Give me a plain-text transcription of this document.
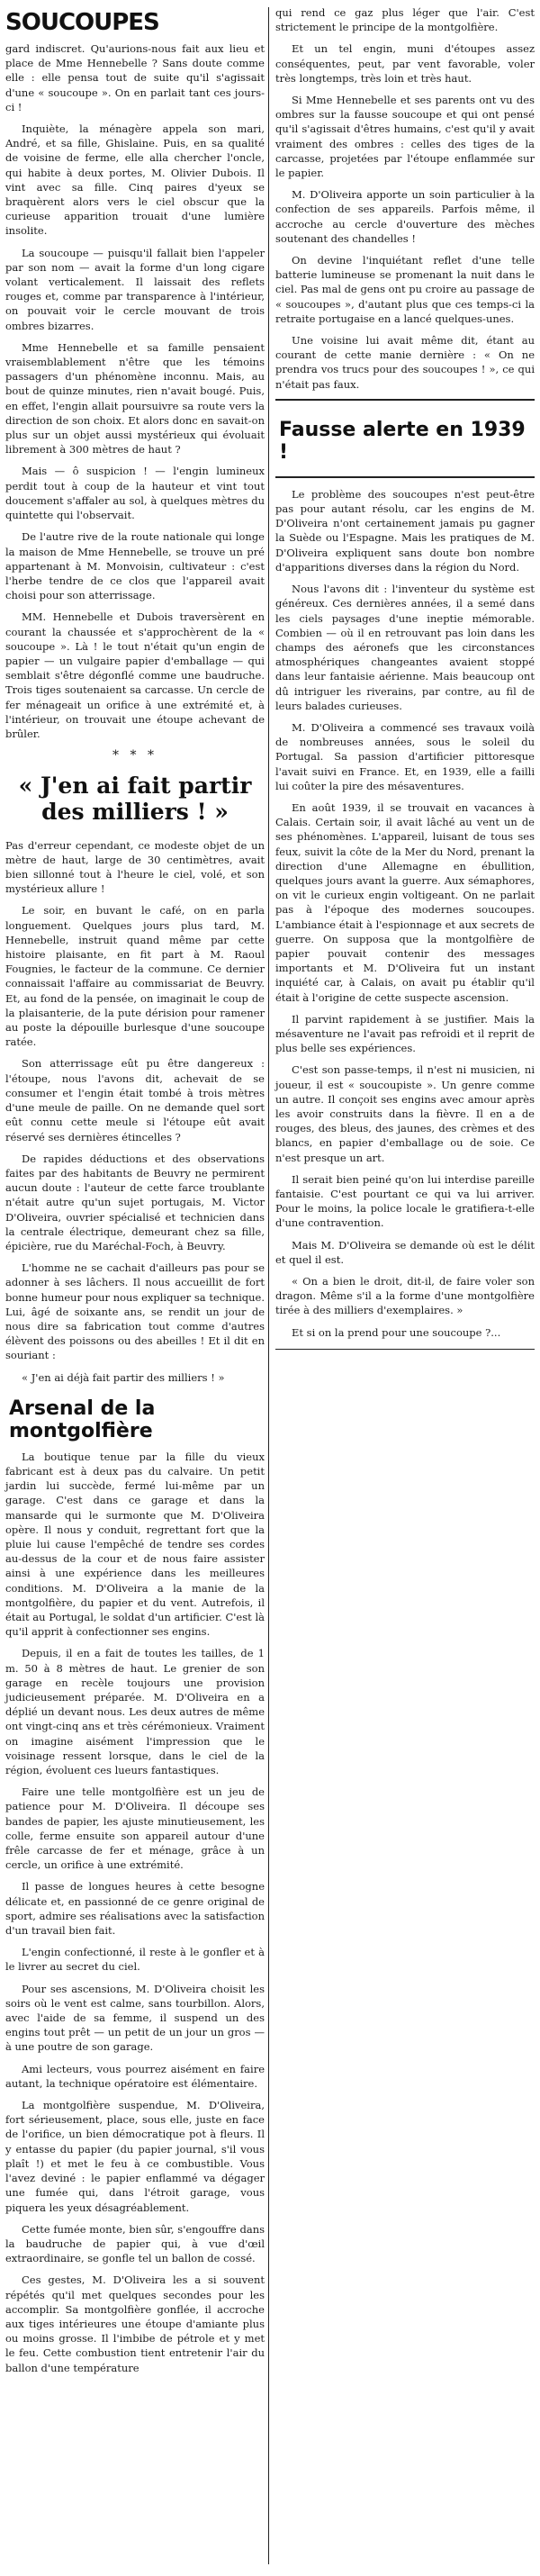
SOUCOUPES

gard indiscret. Qu'aurions-nous fait aux lieu et place de Mme Hennebelle ? Sans doute comme elle : elle pensa tout de suite qu'il s'agissait d'une « soucoupe ». On en parlait tant ces jours-ci !

Inquiète, la ménagère appela son mari, André, et sa fille, Ghislaine. Puis, en sa qualité de voisine de ferme, elle alla chercher l'oncle, qui habite à deux portes, M. Olivier Dubois. Il vint avec sa fille. Cinq paires d'yeux se braquèrent alors vers le ciel obscur que la curieuse apparition trouait d'une lumière insolite.

La soucoupe — puisqu'il fallait bien l'appeler par son nom — avait la forme d'un long cigare volant verticalement. Il laissait des reflets rouges et, comme par transparence à l'intérieur, on pouvait voir le cercle mouvant de trois ombres bizarres.

Mme Hennebelle et sa famille pensaient vraisemblablement n'être que les témoins passagers d'un phénomène inconnu. Mais, au bout de quinze minutes, rien n'avait bougé. Puis, en effet, l'engin allait poursuivre sa route vers la direction de son choix. Et alors donc en savait-on plus sur un objet aussi mystérieux qui évoluait librement à 300 mètres de haut ?

Mais — ô suspicion ! — l'engin lumineux perdit tout à coup de la hauteur et vint tout doucement s'affaler au sol, à quelques mètres du quintette qui l'observait.

De l'autre rive de la route nationale qui longe la maison de Mme Hennebelle, se trouve un pré appartenant à M. Monvoisin, cultivateur : c'est l'herbe tendre de ce clos que l'appareil avait choisi pour son atterrissage.

MM. Hennebelle et Dubois traversèrent en courant la chaussée et s'approchèrent de la « soucoupe ». Là ! le tout n'était qu'un engin de papier — un vulgaire papier d'emballage — qui semblait s'être dégonflé comme une baudruche. Trois tiges soutenaient sa carcasse. Un cercle de fer ménageait un orifice à une extrémité et, à l'intérieur, on trouvait une étoupe achevant de brûler.

* * *
« J'en ai fait partir des milliers ! »

Pas d'erreur cependant, ce modeste objet de un mètre de haut, large de 30 centimètres, avait bien sillonné tout à l'heure le ciel, volé, et son mystérieux allure !

Le soir, en buvant le café, on en parla longuement. Quelques jours plus tard, M. Hennebelle, instruit quand même par cette histoire plaisante, en fit part à M. Raoul Fougnies, le facteur de la commune. Ce dernier connaissait l'affaire au commissariat de Beuvry. Et, au fond de la pensée, on imaginait le coup de la plaisanterie, de la pute dérision pour ramener au poste la dépouille burlesque d'une soucoupe ratée.

Son atterrissage eût pu être dangereux : l'étoupe, nous l'avons dit, achevait de se consumer et l'engin était tombé à trois mètres d'une meule de paille. On ne demande quel sort eût connu cette meule si l'étoupe eût avait réservé ses dernières étincelles ?

De rapides déductions et des observations faites par des habitants de Beuvry ne permirent aucun doute : l'auteur de cette farce troublante n'était autre qu'un sujet portugais, M. Victor D'Oliveira, ouvrier spécialisé et technicien dans la centrale électrique, demeurant chez sa fille, épicière, rue du Maréchal-Foch, à Beuvry.

L'homme ne se cachait d'ailleurs pas pour se adonner à ses lâchers. Il nous accueillit de fort bonne humeur pour nous expliquer sa technique. Lui, âgé de soixante ans, se rendit un jour de nous dire sa fabrication tout comme d'autres élèvent des poissons ou des abeilles ! Et il dit en souriant :

« J'en ai déjà fait partir des milliers ! »

Arsenal de la montgolfière

La boutique tenue par la fille du vieux fabricant est à deux pas du calvaire. Un petit jardin lui succède, fermé lui-même par un garage. C'est dans ce garage et dans la mansarde qui le surmonte que M. D'Oliveira opère. Il nous y conduit, regrettant fort que la pluie lui cause l'empêché de tendre ses cordes au-dessus de la cour et de nous faire assister ainsi à une expérience dans les meilleures conditions. M. D'Oliveira a la manie de la montgolfière, du papier et du vent. Autrefois, il était au Portugal, le soldat d'un artificier. C'est là qu'il apprit à confectionner ses engins.

Depuis, il en a fait de toutes les tailles, de 1 m. 50 à 8 mètres de haut. Le grenier de son garage en recèle toujours une provision judicieusement préparée. M. D'Oliveira en a déplié un devant nous. Les deux autres de même ont vingt-cinq ans et très cérémonieux. Vraiment on imagine aisément l'impression que le voisinage ressent lorsque, dans le ciel de la région, évoluent ces lueurs fantastiques.

Faire une telle montgolfière est un jeu de patience pour M. D'Oliveira. Il découpe ses bandes de papier, les ajuste minutieusement, les colle, ferme ensuite son appareil autour d'une frêle carcasse de fer et ménage, grâce à un cercle, un orifice à une extrémité.

Il passe de longues heures à cette besogne délicate et, en passionné de ce genre original de sport, admire ses réalisations avec la satisfaction d'un travail bien fait.

L'engin confectionné, il reste à le gonfler et à le livrer au secret du ciel.

Pour ses ascensions, M. D'Oliveira choisit les soirs où le vent est calme, sans tourbillon. Alors, avec l'aide de sa femme, il suspend un des engins tout prêt — un petit de un jour un gros — à une poutre de son garage.

Ami lecteurs, vous pourrez aisément en faire autant, la technique opératoire est élémentaire.

La montgolfière suspendue, M. D'Oliveira, fort sérieusement, place, sous elle, juste en face de l'orifice, un bien démocratique pot à fleurs. Il y entasse du papier (du papier journal, s'il vous plaît !) et met le feu à ce combustible. Vous l'avez deviné : le papier enflammé va dégager une fumée qui, dans l'étroit garage, vous piquera les yeux désagréablement.

Cette fumée monte, bien sûr, s'engouffre dans la baudruche de papier qui, à vue d'œil extraordinaire, se gonfle tel un ballon de cossé.

Ces gestes, M. D'Oliveira les a si souvent répétés qu'il met quelques secondes pour les accomplir. Sa montgolfière gonflée, il accroche aux tiges intérieures une étoupe d'amiante plus ou moins grosse. Il l'imbibe de pétrole et y met le feu. Cette combustion tient entretenir l'air du ballon d'une température

qui rend ce gaz plus léger que l'air. C'est strictement le principe de la montgolfière.

Et un tel engin, muni d'étoupes assez conséquentes, peut, par vent favorable, voler très longtemps, très loin et très haut.

Si Mme Hennebelle et ses parents ont vu des ombres sur la fausse soucoupe et qui ont pensé qu'il s'agissait d'êtres humains, c'est qu'il y avait vraiment des ombres : celles des tiges de la carcasse, projetées par l'étoupe enflammée sur le papier.

M. D'Oliveira apporte un soin particulier à la confection de ses appareils. Parfois même, il accroche au cercle d'ouverture des mèches soutenant des chandelles !

On devine l'inquiétant reflet d'une telle batterie lumineuse se promenant la nuit dans le ciel. Pas mal de gens ont pu croire au passage de « soucoupes », d'autant plus que ces temps-ci la retraite portugaise en a lancé quelques-unes.

Une voisine lui avait même dit, étant au courant de cette manie dernière : « On ne prendra vos trucs pour des soucoupes ! », ce qui n'était pas faux.

Fausse alerte en 1939 !

Le problème des soucoupes n'est peut-être pas pour autant résolu, car les engins de M. D'Oliveira n'ont certainement jamais pu gagner la Suède ou l'Espagne. Mais les pratiques de M. D'Oliveira expliquent sans doute bon nombre d'apparitions diverses dans la région du Nord.

Nous l'avons dit : l'inventeur du système est généreux. Ces dernières années, il a semé dans les ciels paysages d'une ineptie mémorable. Combien — où il en retrouvant pas loin dans les champs des aéronefs que les circonstances atmosphériques changeantes avaient stoppé dans leur fantaisie aérienne. Mais beaucoup ont dû intriguer les riverains, par contre, au fil de leurs balades curieuses.

M. D'Oliveira a commencé ses travaux voilà de nombreuses années, sous le soleil du Portugal. Sa passion d'artificier pittoresque l'avait suivi en France. Et, en 1939, elle a failli lui coûter la pire des mésaventures.

En août 1939, il se trouvait en vacances à Calais. Certain soir, il avait lâché au vent un de ses phénomènes. L'appareil, luisant de tous ses feux, suivit la côte de la Mer du Nord, prenant la direction d'une Allemagne en ébullition, quelques jours avant la guerre. Aux sémaphores, on vit le curieux engin voltigeant. On ne parlait pas à l'époque des modernes soucoupes. L'ambiance était à l'espionnage et aux secrets de guerre. On supposa que la montgolfière de papier pouvait contenir des messages importants et M. D'Oliveira fut un instant inquiété car, à Calais, on avait pu établir qu'il était à l'origine de cette suspecte ascension.

Il parvint rapidement à se justifier. Mais la mésaventure ne l'avait pas refroidi et il reprit de plus belle ses expériences.

C'est son passe-temps, il n'est ni musicien, ni joueur, il est « soucoupiste ». Un genre comme un autre. Il conçoit ses engins avec amour après les avoir construits dans la fièvre. Il en a de rouges, des bleus, des jaunes, des crèmes et des blancs, en papier d'emballage ou de soie. Ce n'est presque un art.

Il serait bien peiné qu'on lui interdise pareille fantaisie. C'est pourtant ce qui va lui arriver. Pour le moins, la police locale le gratifiera-t-elle d'une contravention.

Mais M. D'Oliveira se demande où est le délit et quel il est.

« On a bien le droit, dit-il, de faire voler son dragon. Même s'il a la forme d'une montgolfière tirée à des milliers d'exemplaires. »

Et si on la prend pour une soucoupe ?...
